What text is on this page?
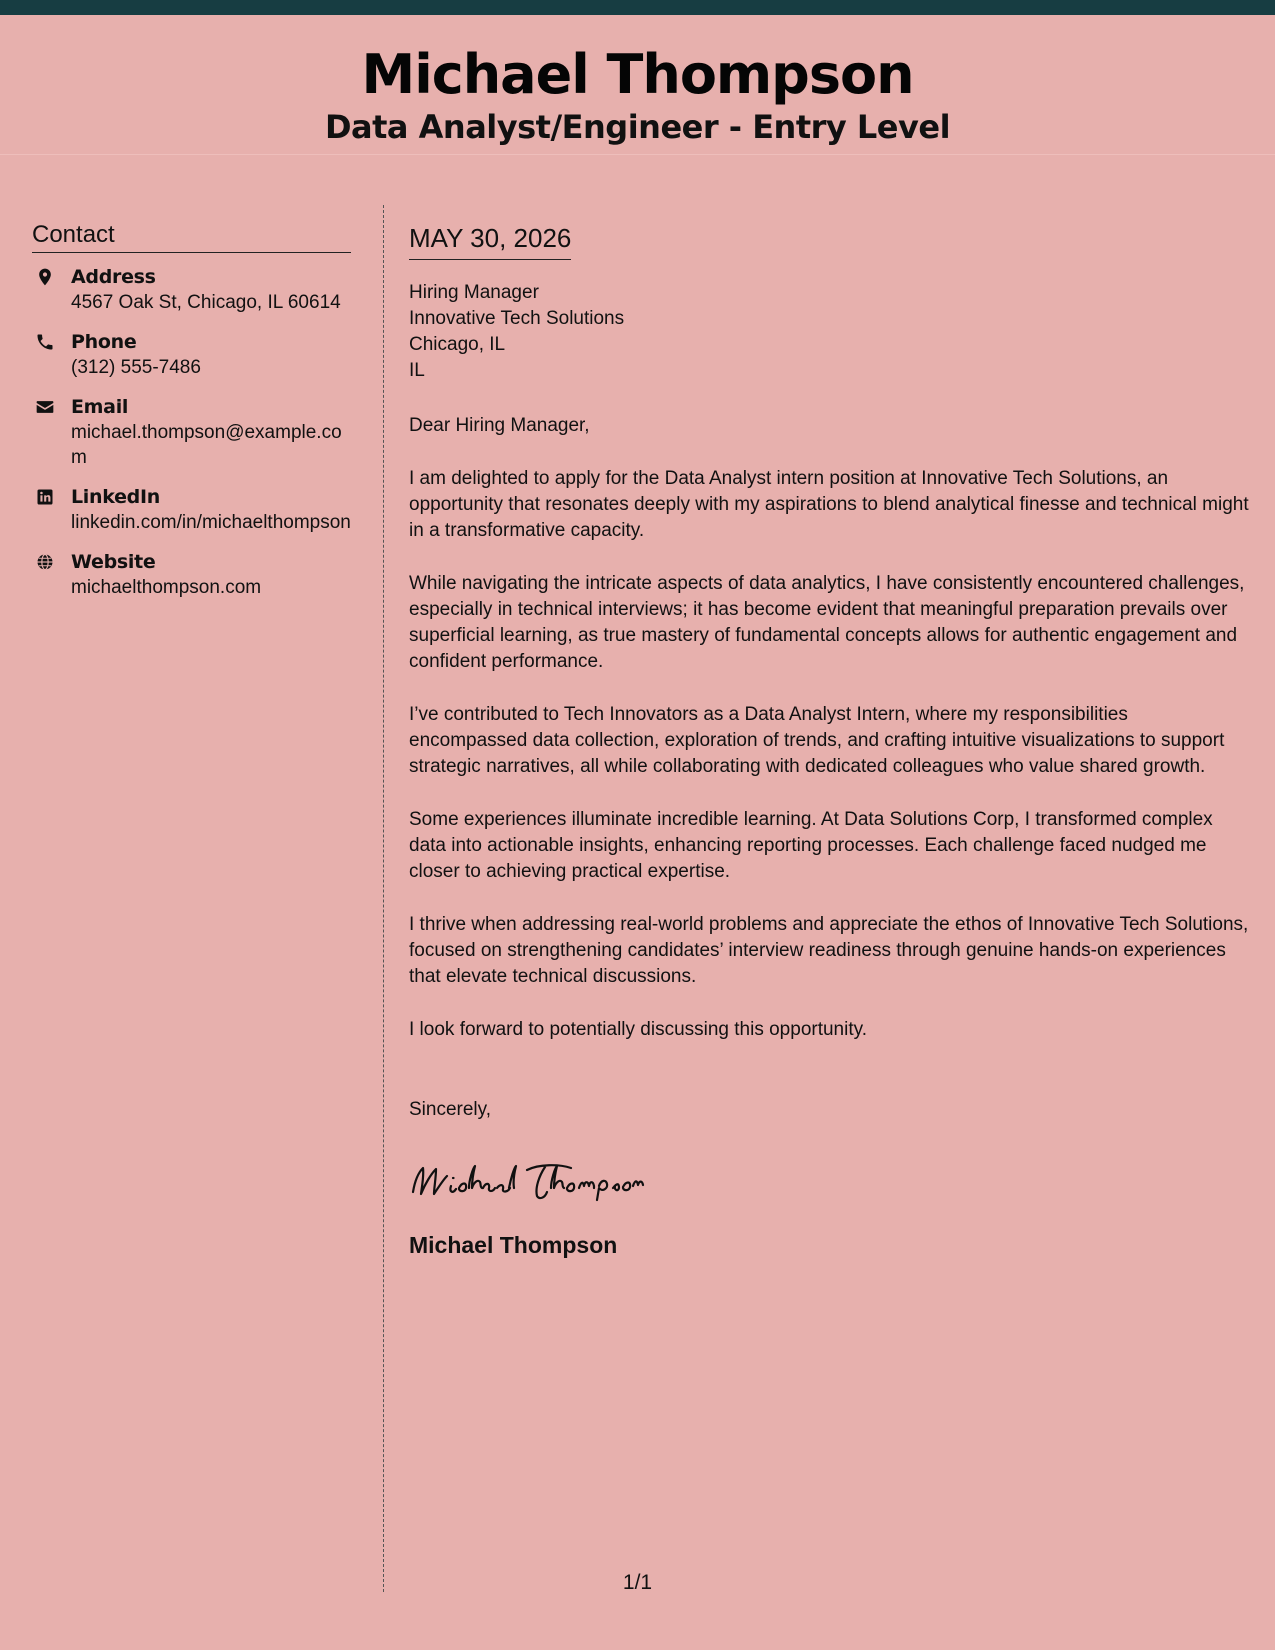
Michael Thompson
Data Analyst/Engineer - Entry Level
Contact
Address
4567 Oak St, Chicago, IL 60614
Phone
(312) 555-7486
Email
michael.thompson@example.com
LinkedIn
linkedin.com/in/michaelthompson
Website
michaelthompson.com
MAY 30, 2026
Hiring Manager
Innovative Tech Solutions
Chicago, IL
IL
Dear Hiring Manager,
I am delighted to apply for the Data Analyst intern position at Innovative Tech Solutions, an opportunity that resonates deeply with my aspirations to blend analytical finesse and technical might in a transformative capacity.
While navigating the intricate aspects of data analytics, I have consistently encountered challenges, especially in technical interviews; it has become evident that meaningful preparation prevails over superficial learning, as true mastery of fundamental concepts allows for authentic engagement and confident performance.
I’ve contributed to Tech Innovators as a Data Analyst Intern, where my responsibilities encompassed data collection, exploration of trends, and crafting intuitive visualizations to support strategic narratives, all while collaborating with dedicated colleagues who value shared growth.
Some experiences illuminate incredible learning. At Data Solutions Corp, I transformed complex data into actionable insights, enhancing reporting processes. Each challenge faced nudged me closer to achieving practical expertise.
I thrive when addressing real-world problems and appreciate the ethos of Innovative Tech Solutions, focused on strengthening candidates’ interview readiness through genuine hands-on experiences that elevate technical discussions.
I look forward to potentially discussing this opportunity.
Sincerely,
Michael Thompson
1/1
